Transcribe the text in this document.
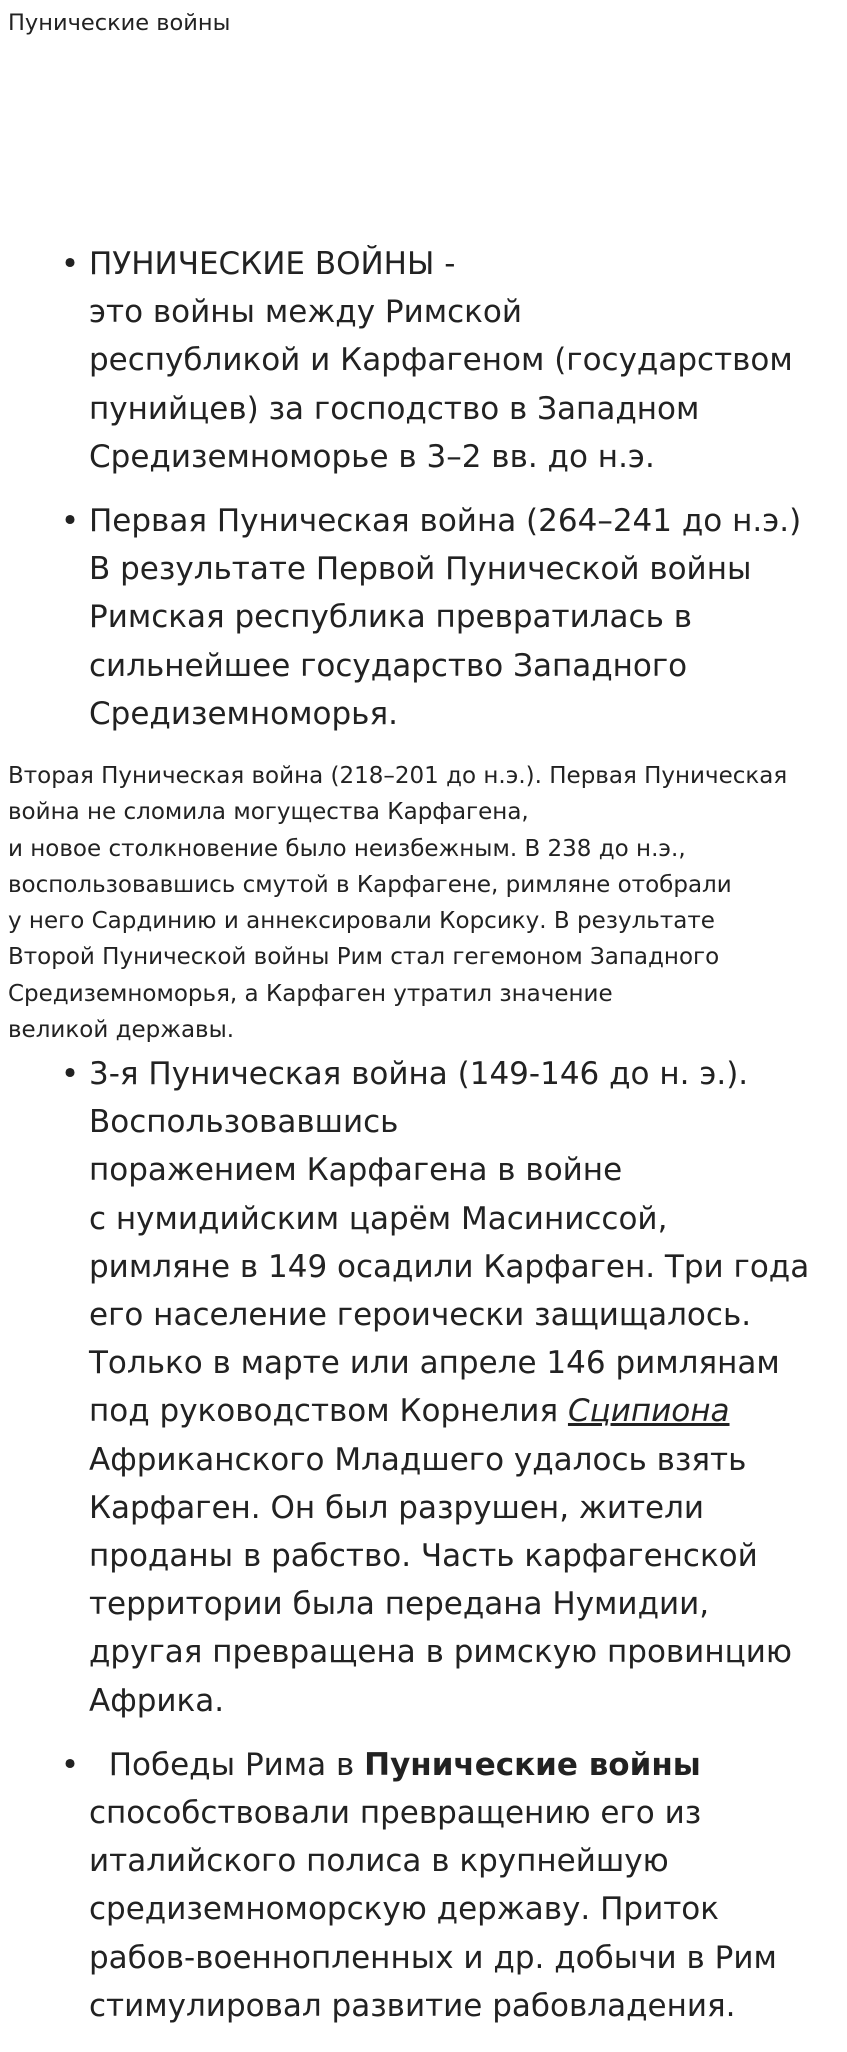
Пунические войны
• ПУНИЧЕСКИЕ ВОЙНЫ -
это войны между Римской
республикой и Карфагеном (государством
пунийцев) за господство в Западном
Средиземноморье в 3–2 вв. до н.э.
• Первая Пуническая война (264–241 до н.э.)
В результате Первой Пунической войны
Римская республика превратилась в
сильнейшее государство Западного
Средиземноморья.
Вторая Пуническая война (218–201 до н.э.). Первая Пуническая
война не сломила могущества Карфагена,
и новое столкновение было неизбежным. В 238 до н.э.,
воспользовавшись смутой в Карфагене, римляне отобрали
у него Сардинию и аннексировали Корсику. В результате
Второй Пунической войны Рим стал гегемоном Западного
Средиземноморья, а Карфаген утратил значение
великой державы.
• 3-я Пуническая война (149-146 до н. э.).
Воспользовавшись
поражением Карфагена в войне
с нумидийским царём Масиниссой,
римляне в 149 осадили Карфаген. Три года
его население героически защищалось.
Только в марте или апреле 146 римлянам
под руководством Корнелия Сципиона
Африканского Младшего удалось взять
Карфаген. Он был разрушен, жители
проданы в рабство. Часть карфагенской
территории была передана Нумидии,
другая превращена в римскую провинцию
Африка.
• Победы Рима в Пунические войны
способствовали превращению его из
италийского полиса в крупнейшую
средиземноморскую державу. Приток
рабов-военнопленных и др. добычи в Рим
стимулировал развитие рабовладения.
